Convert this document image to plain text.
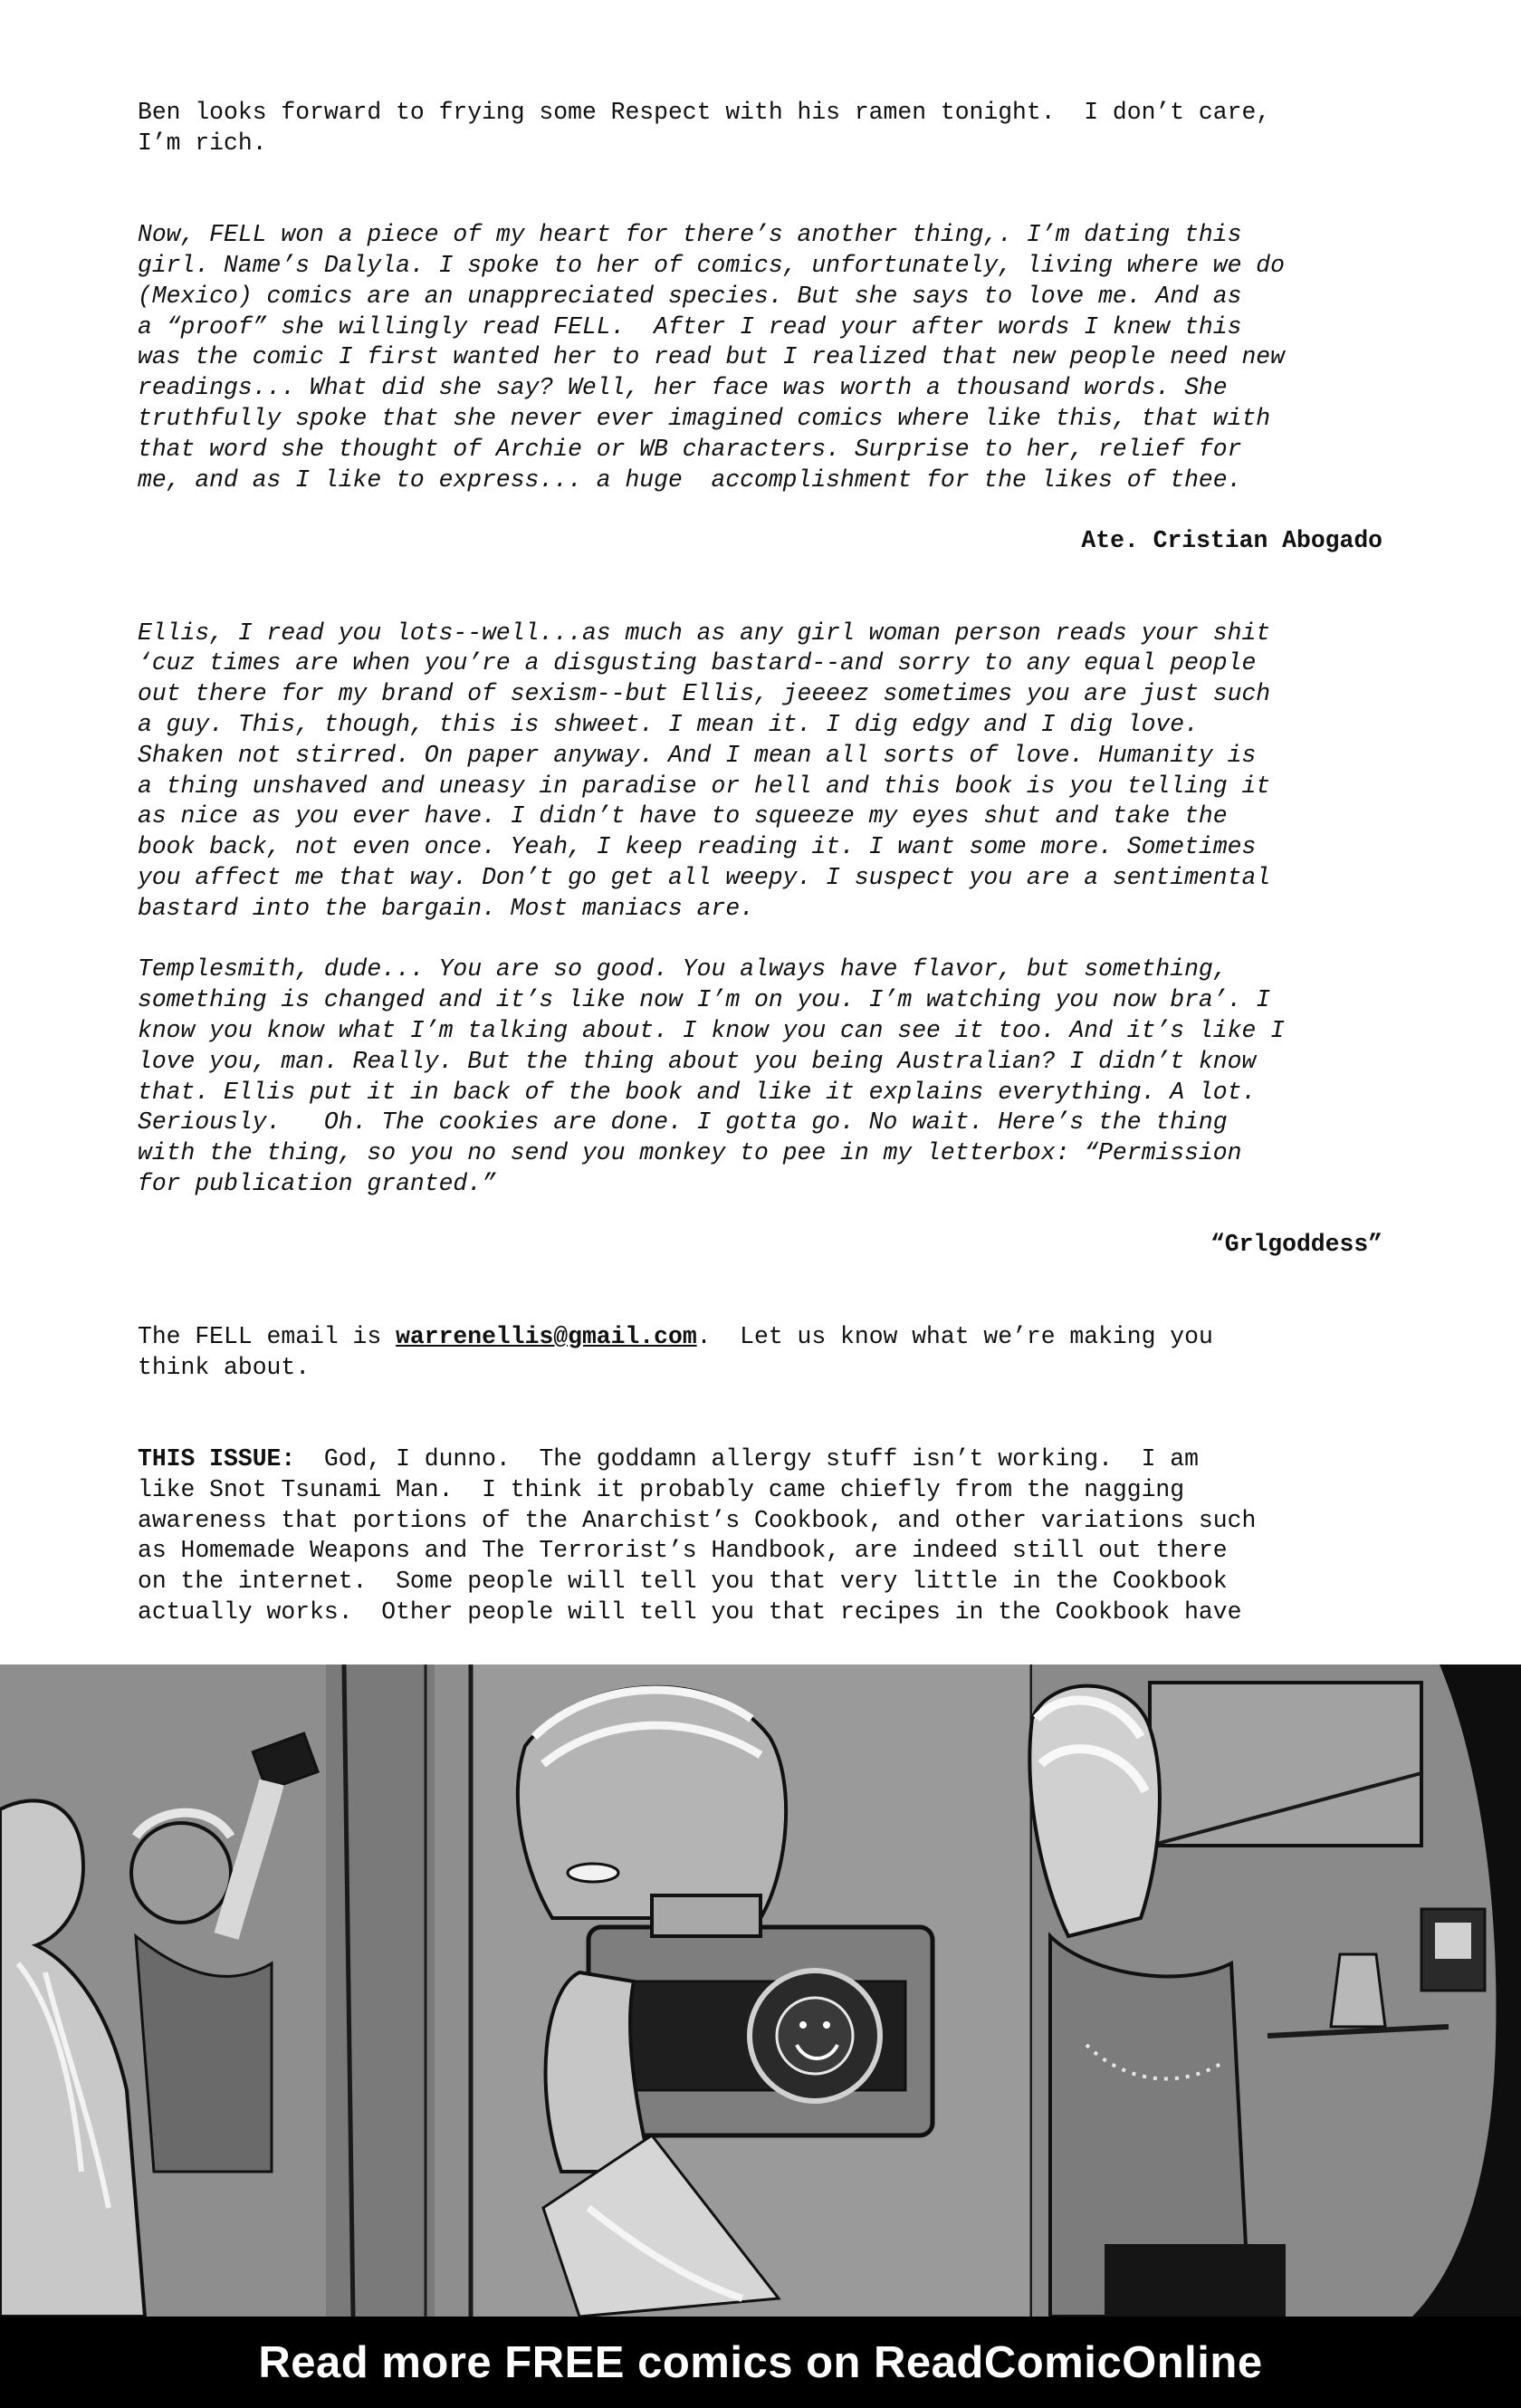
Ben looks forward to frying some Respect with his ramen tonight.  I don’t care,
I’m rich.

Now, FELL won a piece of my heart for there’s another thing,. I’m dating this
girl. Name’s Dalyla. I spoke to her of comics, unfortunately, living where we do
(Mexico) comics are an unappreciated species. But she says to love me. And as
a “proof” she willingly read FELL.  After I read your after words I knew this
was the comic I first wanted her to read but I realized that new people need new
readings... What did she say? Well, her face was worth a thousand words. She
truthfully spoke that she never ever imagined comics where like this, that with
that word she thought of Archie or WB characters. Surprise to her, relief for
me, and as I like to express... a huge  accomplishment for the likes of thee.

Ate. Cristian Abogado

Ellis, I read you lots--well...as much as any girl woman person reads your shit
‘cuz times are when you’re a disgusting bastard--and sorry to any equal people
out there for my brand of sexism--but Ellis, jeeeez sometimes you are just such
a guy. This, though, this is shweet. I mean it. I dig edgy and I dig love.
Shaken not stirred. On paper anyway. And I mean all sorts of love. Humanity is
a thing unshaved and uneasy in paradise or hell and this book is you telling it
as nice as you ever have. I didn’t have to squeeze my eyes shut and take the
book back, not even once. Yeah, I keep reading it. I want some more. Sometimes
you affect me that way. Don’t go get all weepy. I suspect you are a sentimental
bastard into the bargain. Most maniacs are.

Templesmith, dude... You are so good. You always have flavor, but something,
something is changed and it’s like now I’m on you. I’m watching you now bra’. I
know you know what I’m talking about. I know you can see it too. And it’s like I
love you, man. Really. But the thing about you being Australian? I didn’t know
that. Ellis put it in back of the book and like it explains everything. A lot.
Seriously.   Oh. The cookies are done. I gotta go. No wait. Here’s the thing
with the thing, so you no send you monkey to pee in my letterbox: “Permission
for publication granted.”

“Grlgoddess”

The FELL email is warrenellis@gmail.com.  Let us know what we’re making you
think about.

THIS ISSUE:  God, I dunno.  The goddamn allergy stuff isn’t working.  I am
like Snot Tsunami Man.  I think it probably came chiefly from the nagging
awareness that portions of the Anarchist’s Cookbook, and other variations such
as Homemade Weapons and The Terrorist’s Handbook, are indeed still out there
on the internet.  Some people will tell you that very little in the Cookbook
actually works.  Other people will tell you that recipes in the Cookbook have

Read more FREE comics on ReadComicOnline
